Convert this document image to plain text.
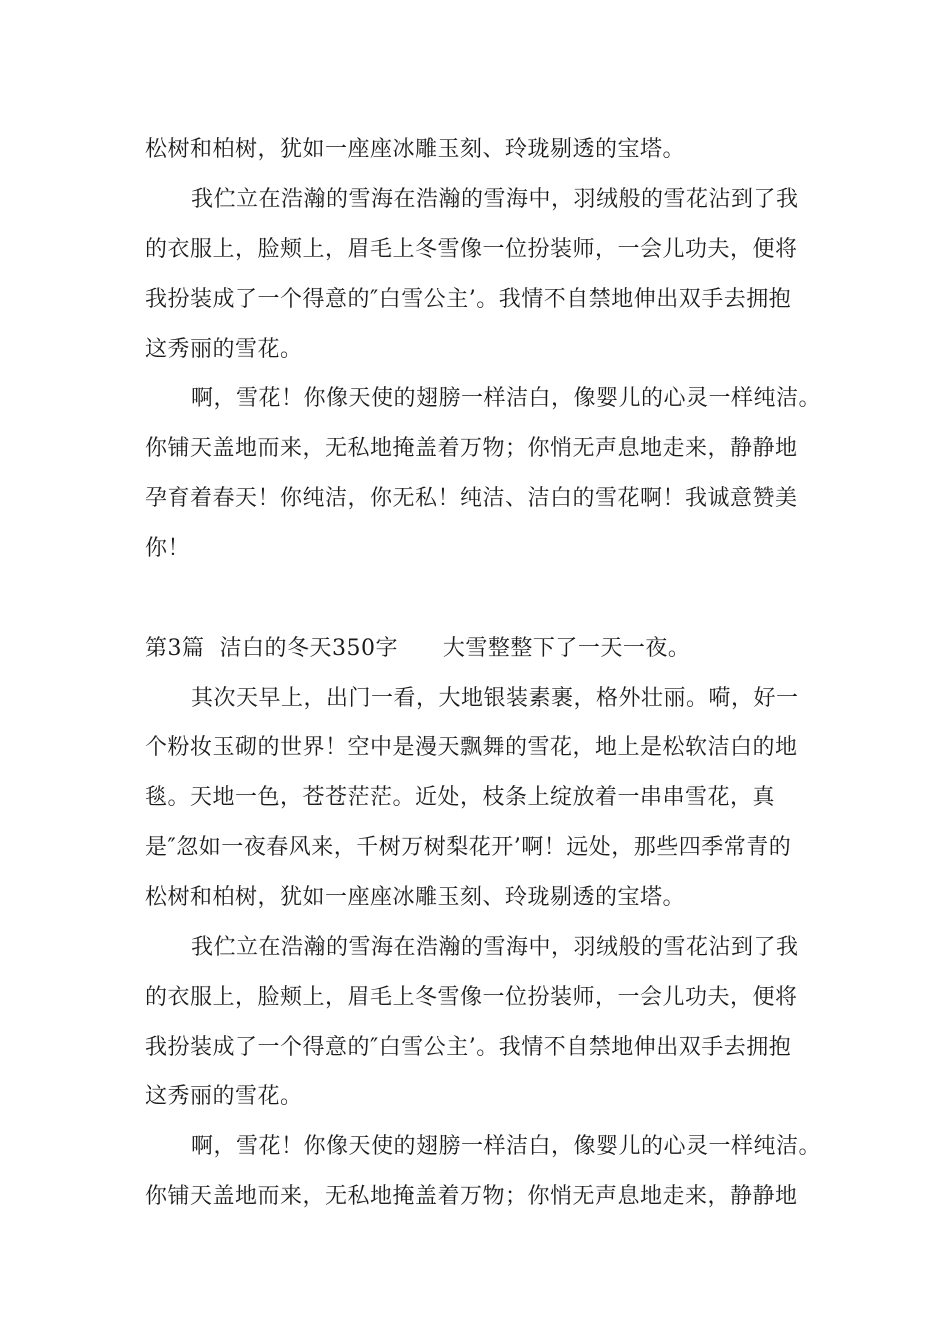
松树和柏树，犹如一座座冰雕玉刻、玲珑剔透的宝塔。
我伫立在浩瀚的雪海在浩瀚的雪海中，羽绒般的雪花沾到了我
的衣服上，脸颊上，眉毛上冬雪像一位扮装师，一会儿功夫，便将
我扮装成了一个得意的″白雪公主’。我情不自禁地伸出双手去拥抱
这秀丽的雪花。
啊，雪花！你像天使的翅膀一样洁白，像婴儿的心灵一样纯洁。
你铺天盖地而来，无私地掩盖着万物；你悄无声息地走来，静静地
孕育着春天！你纯洁，你无私！纯洁、洁白的雪花啊！我诚意赞美
你！
第3篇  洁白的冬天350字      大雪整整下了一天一夜。
其次天早上，出门一看，大地银装素裹，格外壮丽。嗬，好一
个粉妆玉砌的世界！空中是漫天飘舞的雪花，地上是松软洁白的地
毯。天地一色，苍苍茫茫。近处，枝条上绽放着一串串雪花，真
是″忽如一夜春风来，千树万树梨花开’啊！远处，那些四季常青的
松树和柏树，犹如一座座冰雕玉刻、玲珑剔透的宝塔。
我伫立在浩瀚的雪海在浩瀚的雪海中，羽绒般的雪花沾到了我
的衣服上，脸颊上，眉毛上冬雪像一位扮装师，一会儿功夫，便将
我扮装成了一个得意的″白雪公主’。我情不自禁地伸出双手去拥抱
这秀丽的雪花。
啊，雪花！你像天使的翅膀一样洁白，像婴儿的心灵一样纯洁。
你铺天盖地而来，无私地掩盖着万物；你悄无声息地走来，静静地
